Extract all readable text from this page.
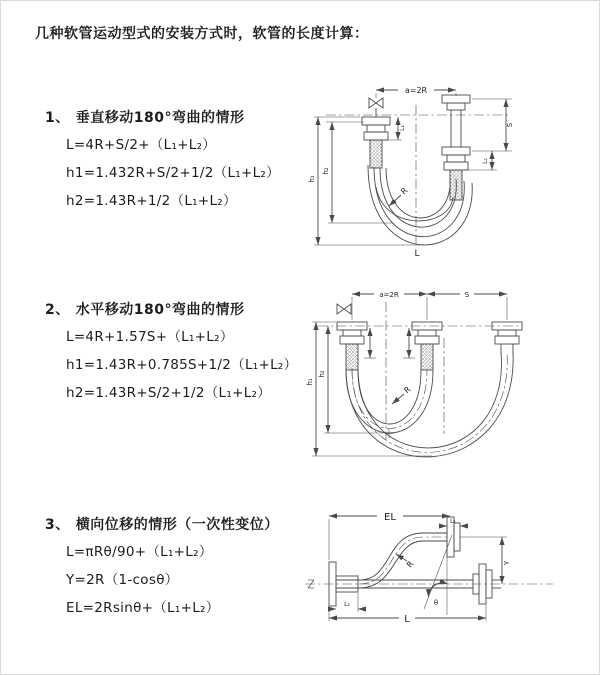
几种软管运动型式的安装方式时，软管的长度计算：
1、 垂直移动180°弯曲的情形
L=4R+S/2+（L₁+L₂）
h1=1.432R+S/2+1/2（L₁+L₂）
h2=1.43R+1/2（L₁+L₂）
2、 水平移动180°弯曲的情形
L=4R+1.57S+（L₁+L₂）
h1=1.43R+0.785S+1/2（L₁+L₂）
h2=1.43R+S/2+1/2（L₁+L₂）
3、 横向位移的情形（一次性变位）
L=πRθ/90+（L₁+L₂）
Y=2R（1-cosθ）
EL=2Rsinθ+（L₁+L₂）
a=2R
h₁
h₂
L₁
S
L₂
R
L
a=2R	S
h₁
h₂
R
EL	L₁
Y
R
θ
L
L₂
